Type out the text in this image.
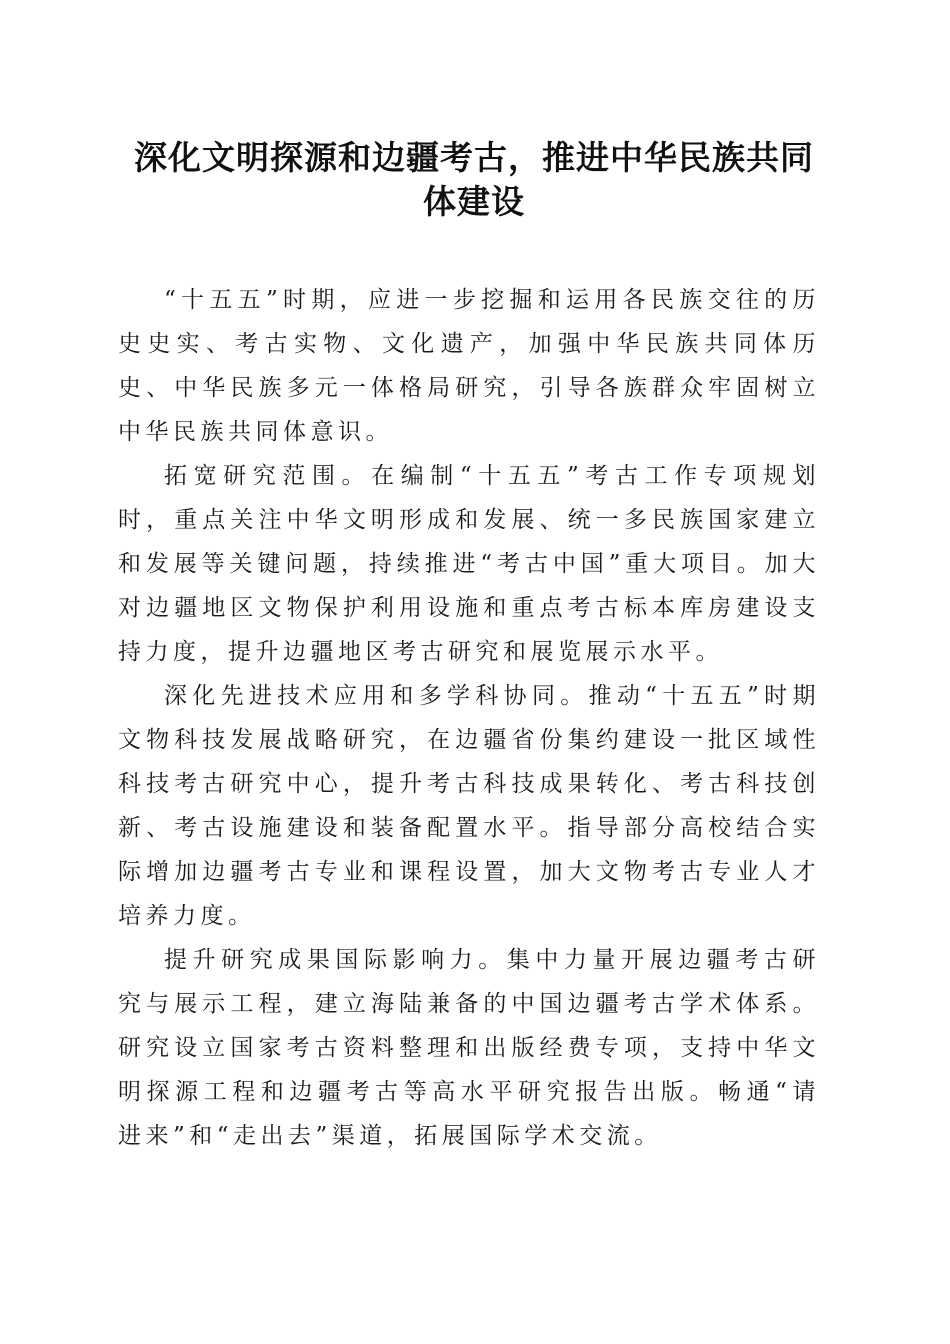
深化文明探源和边疆考古，推进中华民族共同体建设

“十五五”时期，应进一步挖掘和运用各民族交往的历史史实、考古实物、文化遗产，加强中华民族共同体历史、中华民族多元一体格局研究，引导各族群众牢固树立中华民族共同体意识。

拓宽研究范围。在编制“十五五”考古工作专项规划时，重点关注中华文明形成和发展、统一多民族国家建立和发展等关键问题，持续推进“考古中国”重大项目。加大对边疆地区文物保护利用设施和重点考古标本库房建设支持力度，提升边疆地区考古研究和展览展示水平。

深化先进技术应用和多学科协同。推动“十五五”时期文物科技发展战略研究，在边疆省份集约建设一批区域性科技考古研究中心，提升考古科技成果转化、考古科技创新、考古设施建设和装备配置水平。指导部分高校结合实际增加边疆考古专业和课程设置，加大文物考古专业人才培养力度。

提升研究成果国际影响力。集中力量开展边疆考古研究与展示工程，建立海陆兼备的中国边疆考古学术体系。研究设立国家考古资料整理和出版经费专项，支持中华文明探源工程和边疆考古等高水平研究报告出版。畅通“请进来”和“走出去”渠道，拓展国际学术交流。
